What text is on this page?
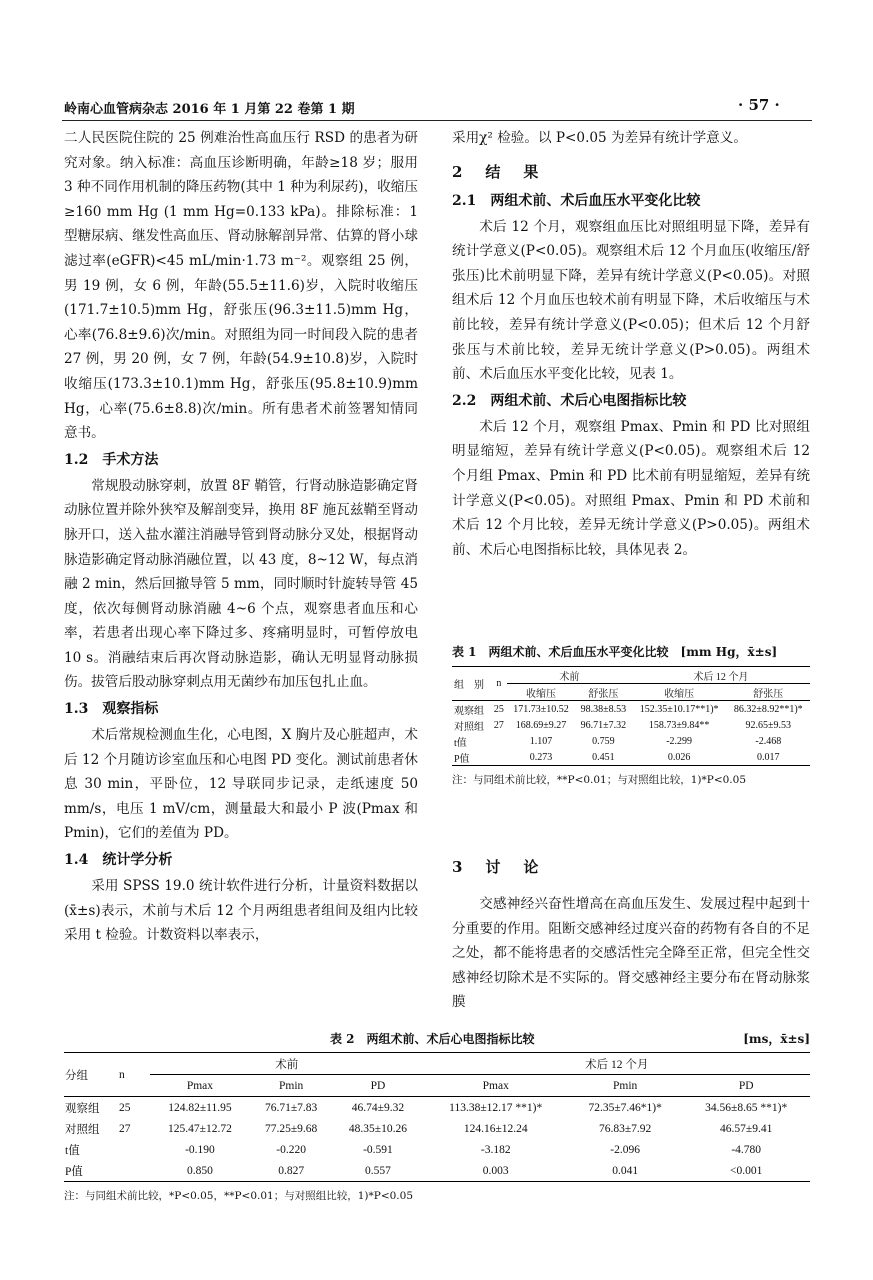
岭南心血管病杂志 2016 年 1 月第 22 卷第 1 期	· 57 ·

二人民医院住院的 25 例难治性高血压行 RSD 的患者为研究对象。纳入标准：高血压诊断明确，年龄≥18 岁；服用 3 种不同作用机制的降压药物(其中 1 种为利尿药)，收缩压≥160 mm Hg (1 mm Hg=0.133 kPa)。排除标准：1 型糖尿病、继发性高血压、肾动脉解剖异常、估算的肾小球滤过率(eGFR)<45 mL/min·1.73 m⁻²。观察组 25 例，男 19 例，女 6 例，年龄(55.5±11.6)岁，入院时收缩压(171.7±10.5)mm Hg，舒张压(96.3±11.5)mm Hg，心率(76.8±9.6)次/min。对照组为同一时间段入院的患者 27 例，男 20 例，女 7 例，年龄(54.9±10.8)岁，入院时收缩压(173.3±10.1)mm Hg，舒张压(95.8±10.9)mm Hg，心率(75.6±8.8)次/min。所有患者术前签署知情同意书。

1.2　手术方法

常规股动脉穿刺，放置 8F 鞘管，行肾动脉造影确定肾动脉位置并除外狭窄及解剖变异，换用 8F 施瓦兹鞘至肾动脉开口，送入盐水灌注消融导管到肾动脉分叉处，根据肾动脉造影确定肾动脉消融位置，以 43 度，8~12 W，每点消融 2 min，然后回撤导管 5 mm，同时顺时针旋转导管 45 度，依次每侧肾动脉消融 4~6 个点，观察患者血压和心率，若患者出现心率下降过多、疼痛明显时，可暂停放电 10 s。消融结束后再次肾动脉造影，确认无明显肾动脉损伤。拔管后股动脉穿刺点用无菌纱布加压包扎止血。

1.3　观察指标

术后常规检测血生化，心电图，X 胸片及心脏超声，术后 12 个月随访诊室血压和心电图 PD 变化。测试前患者休息 30 min，平卧位，12 导联同步记录，走纸速度 50 mm/s，电压 1 mV/cm，测量最大和最小 P 波(Pmax 和 Pmin)，它们的差值为 PD。

1.4　统计学分析

采用 SPSS 19.0 统计软件进行分析，计量资料数据以(x̄±s)表示，术前与术后 12 个月两组患者组间及组内比较采用 t 检验。计数资料以率表示，

采用χ² 检验。以 P<0.05 为差异有统计学意义。

2　结　果
2.1　两组术前、术后血压水平变化比较

术后 12 个月，观察组血压比对照组明显下降，差异有统计学意义(P<0.05)。观察组术后 12 个月血压(收缩压/舒张压)比术前明显下降，差异有统计学意义(P<0.05)。对照组术后 12 个月血压也较术前有明显下降，术后收缩压与术前比较，差异有统计学意义(P<0.05)；但术后 12 个月舒张压与术前比较，差异无统计学意义(P>0.05)。两组术前、术后血压水平变化比较，见表 1。

2.2　两组术前、术后心电图指标比较

术后 12 个月，观察组 Pmax、Pmin 和 PD 比对照组明显缩短，差异有统计学意义(P<0.05)。观察组术后 12 个月组 Pmax、Pmin 和 PD 比术前有明显缩短，差异有统计学意义(P<0.05)。对照组 Pmax、Pmin 和 PD 术前和术后 12 个月比较，差异无统计学意义(P>0.05)。两组术前、术后心电图指标比较，具体见表 2。

表 1　两组术前、术后血压水平变化比较　[mm Hg，x̄±s]
组　别	n	术前		术后 12 个月	
		收缩压	舒张压	收缩压	舒张压
观察组	25	171.73±10.52	98.38±8.53	152.35±10.17**1)*	86.32±8.92**1)*
对照组	27	168.69±9.27	96.71±7.32	158.73±9.84**	92.65±9.53
t值		1.107	0.759	-2.299	-2.468
P值		0.273	0.451	0.026	0.017
注：与同组术前比较，**P<0.01；与对照组比较，1)*P<0.05
3　讨　论

交感神经兴奋性增高在高血压发生、发展过程中起到十分重要的作用。阻断交感神经过度兴奋的药物有各自的不足之处，都不能将患者的交感活性完全降至正常，但完全性交感神经切除术是不实际的。肾交感神经主要分布在肾动脉浆膜

表 2　两组术前、术后心电图指标比较	[ms，x̄±s]
分组	n	术前			术后 12 个月		
		Pmax	Pmin	PD	Pmax	Pmin	PD
观察组	25	124.82±11.95	76.71±7.83	46.74±9.32	113.38±12.17 **1)*	72.35±7.46*1)*	34.56±8.65 **1)*
对照组	27	125.47±12.72	77.25±9.68	48.35±10.26	124.16±12.24	76.83±7.92	46.57±9.41
t值		-0.190	-0.220	-0.591	-3.182	-2.096	-4.780
P值		0.850	0.827	0.557	0.003	0.041	<0.001
注：与同组术前比较，*P<0.05，**P<0.01；与对照组比较，1)*P<0.05
